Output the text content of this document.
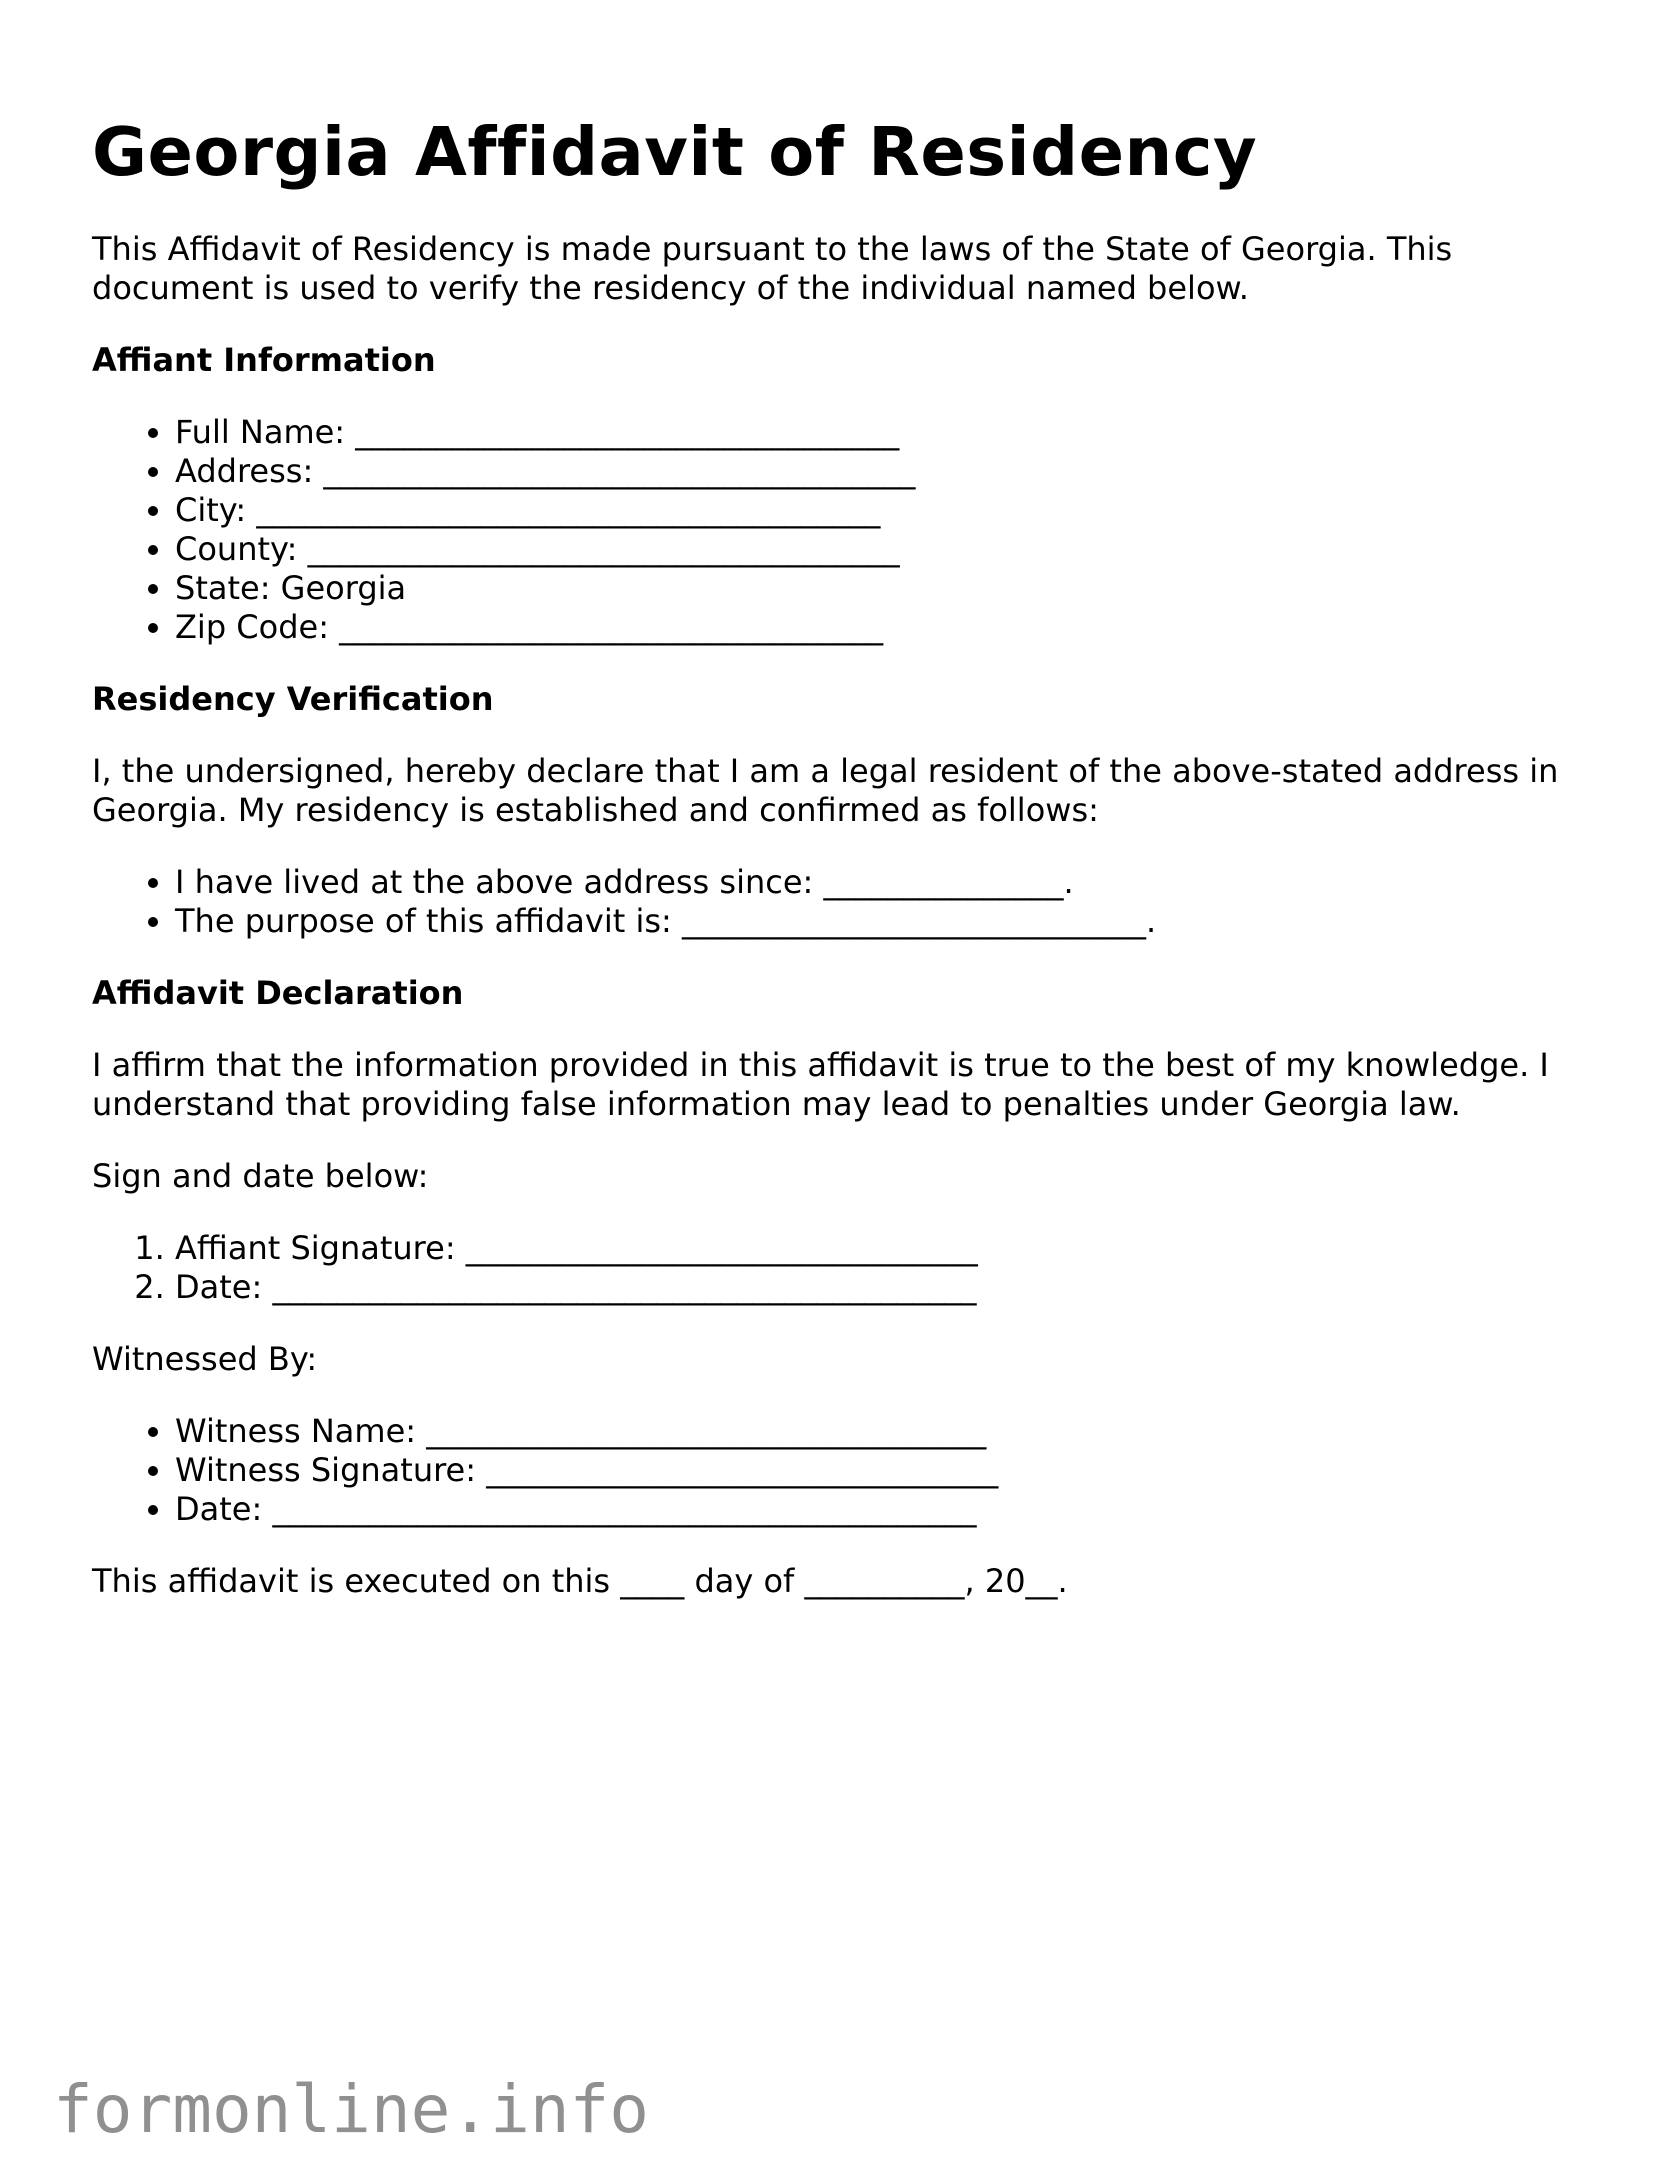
Georgia Affidavit of Residency

This Affidavit of Residency is made pursuant to the laws of the State of Georgia. This document is used to verify the residency of the individual named below.

Affiant Information
• Full Name: __________________________________
• Address: _____________________________________
• City: _______________________________________
• County: _____________________________________
• State: Georgia
• Zip Code: __________________________________
Residency Verification

I, the undersigned, hereby declare that I am a legal resident of the above-stated address in Georgia. My residency is established and confirmed as follows:

• I have lived at the above address since: _______________.
• The purpose of this affidavit is: _____________________________.
Affidavit Declaration

I affirm that the information provided in this affidavit is true to the best of my knowledge. I understand that providing false information may lead to penalties under Georgia law.

Sign and date below:

1. Affiant Signature: ________________________________
2. Date: ____________________________________________

Witnessed By:

• Witness Name: ___________________________________
• Witness Signature: ________________________________
• Date: ____________________________________________

This affidavit is executed on this ____ day of __________, 20__.

formonline.info
